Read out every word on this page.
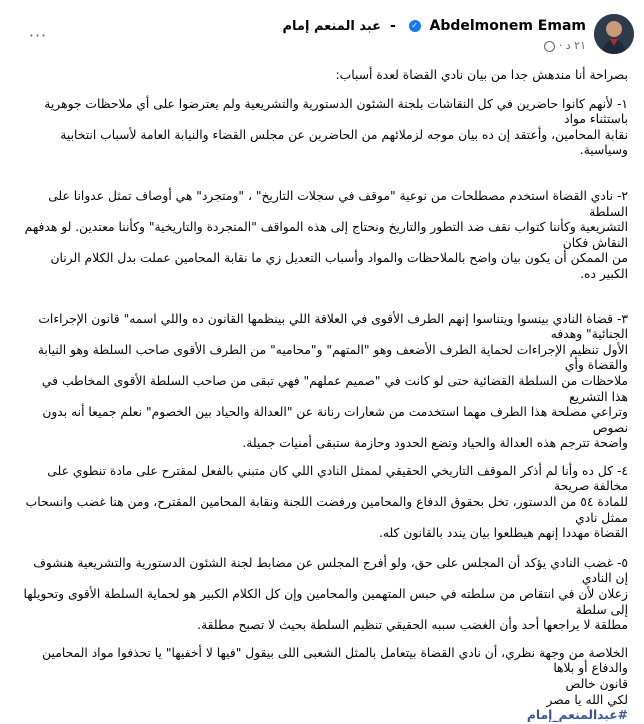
···	عبد المنعم إمام - ✓ Abdelmonem Emam
٢١ د ·

بصراحة أنا مندهش جدا من بيان نادي القضاة لعدة أسباب:

١- لأنهم كانوا حاضرين في كل النقاشات بلجنة الشئون الدستورية والتشريعية ولم يعترضوا على أي ملاحظات جوهرية باستثناء مواد

نقابة المحامين، وأعتقد إن ده بيان موجه لزملائهم من الحاضرين عن مجلس القضاء والنيابة العامة لأسباب انتخابية وسياسية.

٢- نادي القضاة استخدم مصطلحات من نوعية "موقف في سجلات التاريخ" ، "ومتجرد" هي أوصاف تمثل عدوانا على السلطة

التشريعية وكأننا كتواب نقف ضد التطور والتاريخ ونحتاج إلى هذه المواقف "المتجردة والتاريخية" وكأننا معتدين. لو هدفهم النقاش فكان

من الممكن أن يكون بيان واضح بالملاحظات والمواد وأسباب التعديل زي ما نقابة المحامين عملت بدل الكلام الرنان الكبير ده.

٣- قضاة النادي بينسوا ويتناسوا إنهم الطرف الأقوى في العلاقة اللي بينظمها القانون ده واللي اسمه" قانون الإجراءات الجنائية" وهدفه

الأول تنظيم الإجراءات لحماية الطرف الأضعف وهو "المتهم" و"محاميه" من الطرف الأقوى صاحب السلطة وهو النيابة والقضاة وأي

ملاحظات من السلطة القضائية حتى لو كانت في "صميم عملهم" فهي تبقى من صاحب السلطة الأقوى المخاطب في هذا التشريع

وتراعي مصلحة هذا الطرف مهما استخدمت من شعارات رنانة عن "العدالة والحياد بين الخصوم" نعلم جميعا أنه بدون نصوص

واضحة تترجم هذه العدالة والحياد وتضع الحدود وحازمة ستبقى أمنيات جميلة.

٤- كل ده وأنا لم أذكر الموقف التاريخي الحقيقي لممثل النادي اللي كان متبني بالفعل لمقترح على مادة تنطوي على مخالفة صريحة

للمادة ٥٤ من الدستور، تخل بحقوق الدفاع والمحامين ورفضت اللجنة ونقابة المحامين المقترح، ومن هنا غضب وانسحاب ممثل نادي

القضاة مهددا إنهم هيطلعوا بيان يندد بالقانون كله.

٥- غضب النادي يؤكد أن المجلس على حق، ولو أفرج المجلس عن مضابط لجنة الشئون الدستورية والتشريعية هنشوف إن النادي

زعلان لأن في انتقاص من سلطته في حبس المتهمين والمحامين وإن كل الكلام الكبير هو لحماية السلطة الأقوى وتحويلها إلى سلطة

مطلقة لا يراجعها أحد وأن الغضب سببه الحقيقي تنظيم السلطة بحيث لا تصبح مطلقة.

الخلاصة من وجهة نظري، أن نادي القضاة بيتعامل بالمثل الشعبى اللى بيقول "فيها لا أخفيها" يا تحذفوا مواد المحامين والدفاع أو بلاها

قانون خالص

لكي الله يا مصر

#عبدالمنعم_إمام
